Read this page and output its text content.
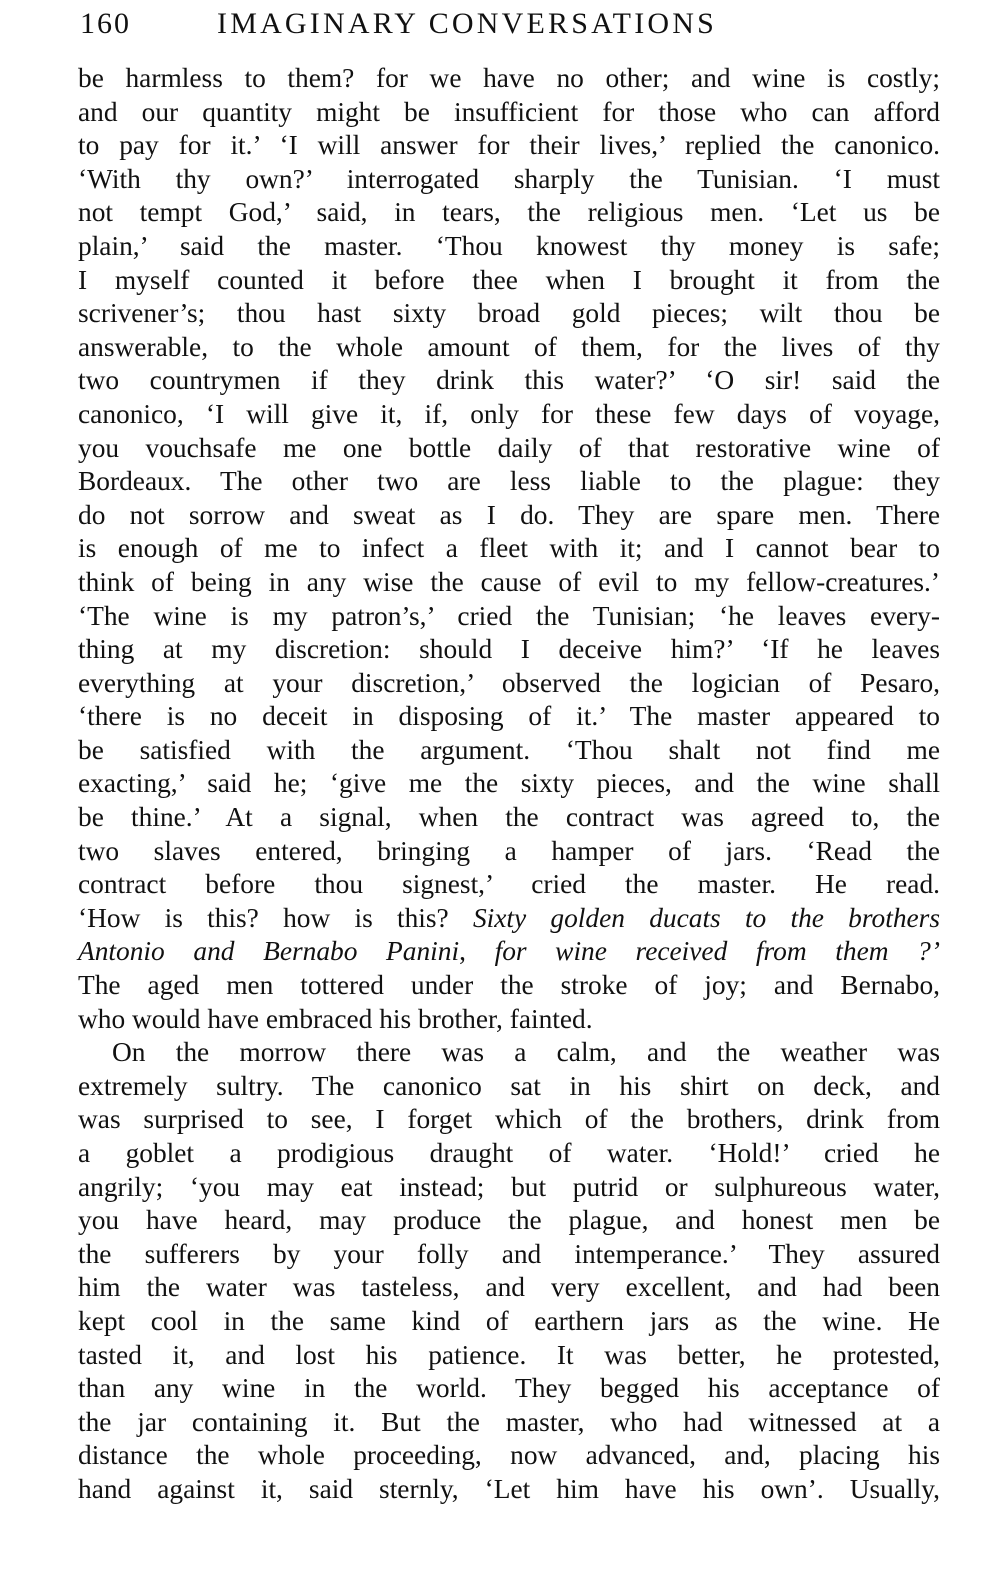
160	IMAGINARY CONVERSATIONS
be harmless to them? for we have no other; and wine is costly;
and our quantity might be insufficient for those who can afford
to pay for it.’ ‘I will answer for their lives,’ replied the canonico.
‘With thy own?’ interrogated sharply the Tunisian. ‘I must
not tempt God,’ said, in tears, the religious men. ‘Let us be
plain,’ said the master. ‘Thou knowest thy money is safe;
I myself counted it before thee when I brought it from the
scrivener’s; thou hast sixty broad gold pieces; wilt thou be
answerable, to the whole amount of them, for the lives of thy
two countrymen if they drink this water?’ ‘O sir! said the
canonico, ‘I will give it, if, only for these few days of voyage,
you vouchsafe me one bottle daily of that restorative wine of
Bordeaux. The other two are less liable to the plague: they
do not sorrow and sweat as I do. They are spare men. There
is enough of me to infect a fleet with it; and I cannot bear to
think of being in any wise the cause of evil to my fellow-creatures.’
‘The wine is my patron’s,’ cried the Tunisian; ‘he leaves every-
thing at my discretion: should I deceive him?’ ‘If he leaves
everything at your discretion,’ observed the logician of Pesaro,
‘there is no deceit in disposing of it.’ The master appeared to
be satisfied with the argument. ‘Thou shalt not find me
exacting,’ said he; ‘give me the sixty pieces, and the wine shall
be thine.’ At a signal, when the contract was agreed to, the
two slaves entered, bringing a hamper of jars. ‘Read the
contract before thou signest,’ cried the master. He read.
‘How is this? how is this? Sixty golden ducats to the brothers
Antonio and Bernabo Panini, for wine received from them ?’
The aged men tottered under the stroke of joy; and Bernabo,
who would have embraced his brother, fainted.
On the morrow there was a calm, and the weather was
extremely sultry. The canonico sat in his shirt on deck, and
was surprised to see, I forget which of the brothers, drink from
a goblet a prodigious draught of water. ‘Hold!’ cried he
angrily; ‘you may eat instead; but putrid or sulphureous water,
you have heard, may produce the plague, and honest men be
the sufferers by your folly and intemperance.’ They assured
him the water was tasteless, and very excellent, and had been
kept cool in the same kind of earthern jars as the wine. He
tasted it, and lost his patience. It was better, he protested,
than any wine in the world. They begged his acceptance of
the jar containing it. But the master, who had witnessed at a
distance the whole proceeding, now advanced, and, placing his
hand against it, said sternly, ‘Let him have his own’. Usually,
